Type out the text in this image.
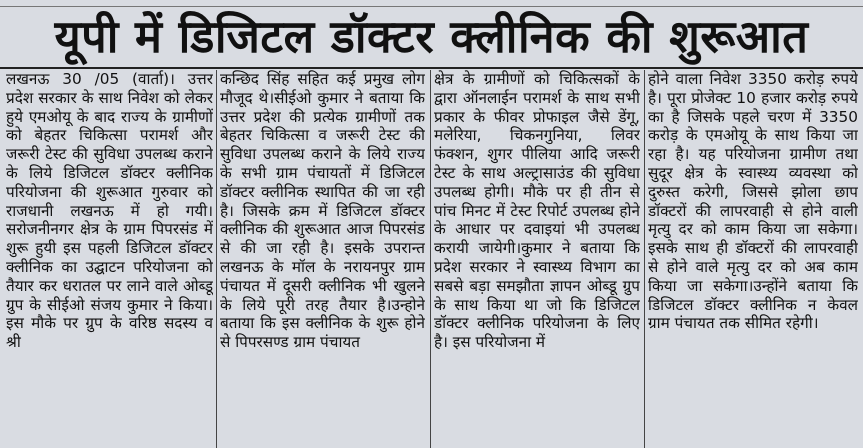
यूपी में डिजिटल डॉक्टर क्लीनिक की शुरूआत

लखनऊ 30 /05 (वार्ता)। उत्तर प्रदेश सरकार के साथ निवेश को लेकर हुये एमओयू के बाद राज्य के ग्रामीणों को बेहतर चिकित्सा परामर्श और जरूरी टेस्ट की सुविधा उपलब्ध कराने के लिये डिजिटल डॉक्टर क्लीनिक परियोजना की शुरूआत गुरुवार को राजधानी लखनऊ में हो गयी।सरोजनीनगर क्षेत्र के ग्राम पिपरसंड में शुरू हुयी इस पहली डिजिटल डॉक्टर क्लीनिक का उद्घाटन परियोजना को तैयार कर धरातल पर लाने वाले ओब्डू ग्रुप के सीईओ संजय कुमार ने किया। इस मौके पर ग्रुप के वरिष्ठ सदस्य व श्री

कन्छिद सिंह सहित कई प्रमुख लोग मौजूद थे।सीईओ कुमार ने बताया कि उत्तर प्रदेश की प्रत्येक ग्रामीणों तक बेहतर चिकित्सा व जरूरी टेस्ट की सुविधा उपलब्ध कराने के लिये राज्य के सभी ग्राम पंचायतों में डिजिटल डॉक्टर क्लीनिक स्थापित की जा रही है। जिसके क्रम में डिजिटल डॉक्टर क्लीनिक की शुरूआत आज पिपरसंड से की जा रही है। इसके उपरान्त लखनऊ के मॉल के नरायनपुर ग्राम पंचायत में दूसरी क्लीनिक भी खुलने के लिये पूरी तरह तैयार है।उन्होने बताया कि इस क्लीनिक के शुरू होने से पिपरसण्ड ग्राम पंचायत

क्षेत्र के ग्रामीणों को चिकित्सकों के द्वारा ऑनलाईन परामर्श के साथ सभी प्रकार के फीवर प्रोफाइल जैसे डेंगू, मलेरिया, चिकनगुनिया, लिवर फंक्शन, शुगर पीलिया आदि जरूरी टेस्ट के साथ अल्ट्रासाउंड की सुविधा उपलब्ध होगी। मौके पर ही तीन से पांच मिनट में टेस्ट रिपोर्ट उपलब्ध होने के आधार पर दवाइयां भी उपलब्ध करायी जायेगी।कुमार ने बताया कि प्रदेश सरकार ने स्वास्थ्य विभाग का सबसे बड़ा समझौता ज्ञापन ओब्डू ग्रुप के साथ किया था जो कि डिजिटल डॉक्टर क्लीनिक परियोजना के लिए है। इस परियोजना में

होने वाला निवेश 3350 करोड़ रुपये है। पूरा प्रोजेक्ट 10 हजार करोड़ रुपये का है जिसके पहले चरण में 3350 करोड़ के एमओयू के साथ किया जा रहा है। यह परियोजना ग्रामीण तथा सुदूर क्षेत्र के स्वास्थ्य व्यवस्था को दुरुस्त करेगी, जिससे झोला छाप डॉक्टरों की लापरवाही से होने वाली मृत्यु दर को काम किया जा सकेगा। इसके साथ ही डॉक्टरों की लापरवाही से होने वाले मृत्यु दर को अब काम किया जा सकेगा।उन्होंने बताया कि डिजिटल डॉक्टर क्लीनिक न केवल ग्राम पंचायत तक सीमित रहेगी।
